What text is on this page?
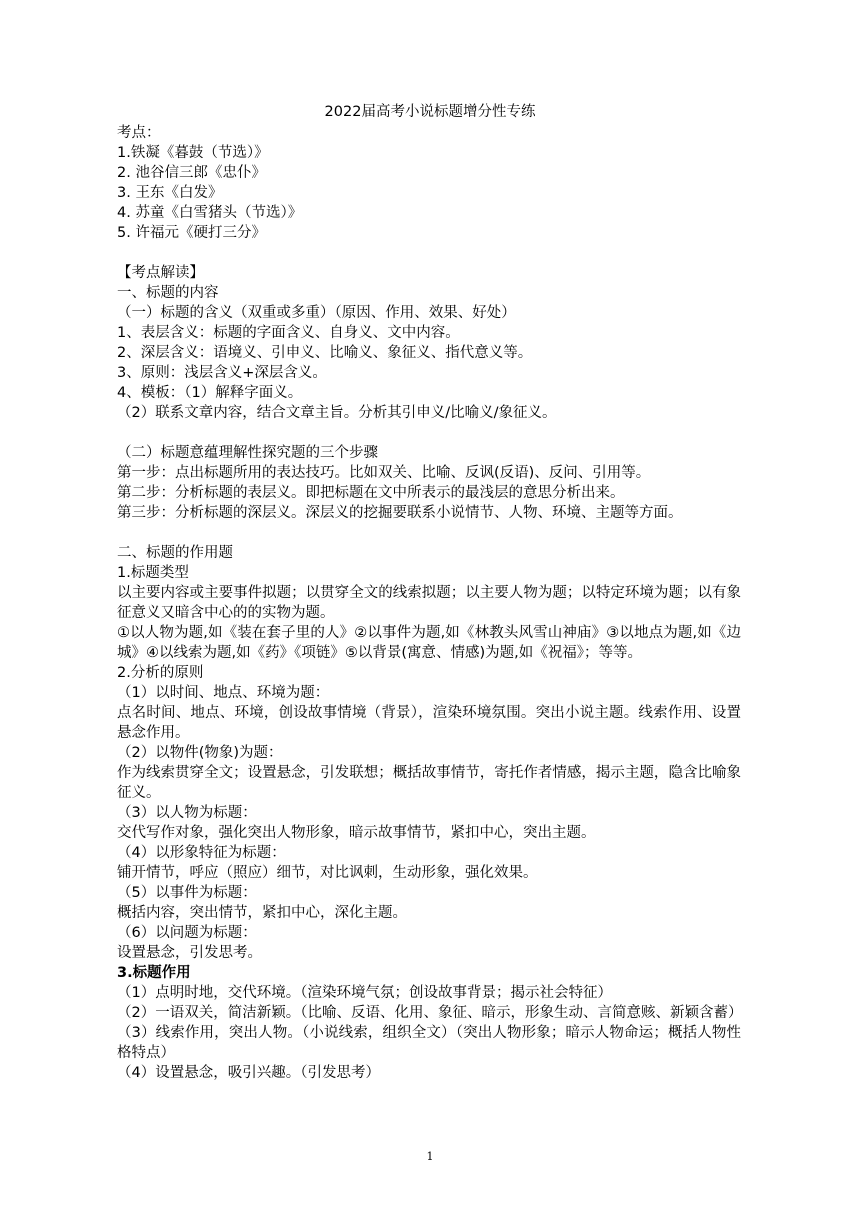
2022届高考小说标题增分性专练
考点：
1.铁凝《暮鼓（节选）》
2. 池谷信三郎《忠仆》
3. 王东《白发》
4. 苏童《白雪猪头（节选）》
5. 许福元《硬打三分》
【考点解读】
一、标题的内容
（一）标题的含义（双重或多重）（原因、作用、效果、好处）
1、表层含义：标题的字面含义、自身义、文中内容。
2、深层含义：语境义、引申义、比喻义、象征义、指代意义等。
3、原则：浅层含义+深层含义。
4、模板：（1）解释字面义。
（2）联系文章内容，结合文章主旨。分析其引申义/比喻义/象征义。
（二）标题意蕴理解性探究题的三个步骤
第一步：点出标题所用的表达技巧。比如双关、比喻、反讽(反语)、反问、引用等。
第二步：分析标题的表层义。即把标题在文中所表示的最浅层的意思分析出来。
第三步：分析标题的深层义。深层义的挖掘要联系小说情节、人物、环境、主题等方面。
二、标题的作用题
1.标题类型
以主要内容或主要事件拟题；以贯穿全文的线索拟题；以主要人物为题；以特定环境为题；以有象征意义又暗含中心的的实物为题。
①以人物为题,如《装在套子里的人》②以事件为题,如《林教头风雪山神庙》③以地点为题,如《边城》④以线索为题,如《药》《项链》⑤以背景(寓意、情感)为题,如《祝福》；等等。
2.分析的原则
（1）以时间、地点、环境为题：
点名时间、地点、环境，创设故事情境（背景），渲染环境氛围。突出小说主题。线索作用、设置悬念作用。
（2）以物件(物象)为题：
作为线索贯穿全文；设置悬念，引发联想；概括故事情节，寄托作者情感，揭示主题，隐含比喻象征义。
（3）以人物为标题：
交代写作对象，强化突出人物形象，暗示故事情节，紧扣中心，突出主题。
（4）以形象特征为标题：
铺开情节，呼应（照应）细节，对比讽刺，生动形象，强化效果。
（5）以事件为标题：
概括内容，突出情节，紧扣中心，深化主题。
（6）以问题为标题：
设置悬念，引发思考。
3.标题作用
（1）点明时地，交代环境。（渲染环境气氛；创设故事背景；揭示社会特征）
（2）一语双关，简洁新颖。（比喻、反语、化用、象征、暗示，形象生动、言简意赅、新颖含蓄）
（3）线索作用，突出人物。（小说线索，组织全文）（突出人物形象；暗示人物命运；概括人物性格特点）
（4）设置悬念，吸引兴趣。（引发思考）
1
